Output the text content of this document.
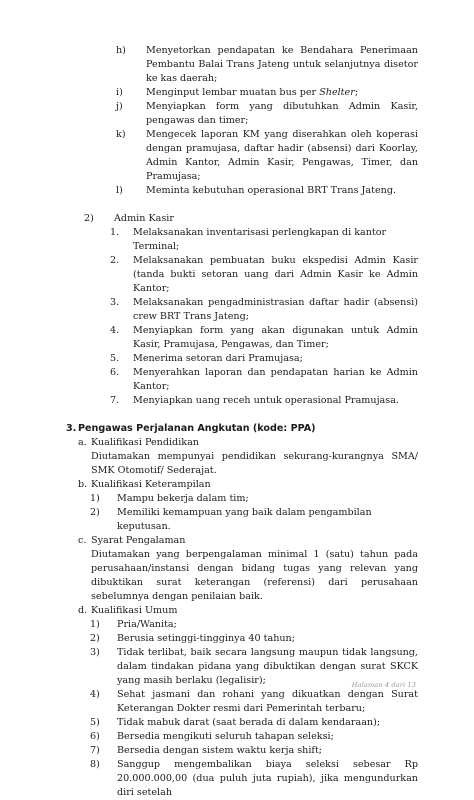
h)	Menyetorkan pendapatan ke Bendahara Penerimaan Pembantu Balai Trans Jateng untuk selanjutnya disetor ke kas daerah;
i)	Menginput lembar muatan bus per Shelter;
j)	Menyiapkan form yang dibutuhkan Admin Kasir, pengawas dan timer;
k)	Mengecek laporan KM yang diserahkan oleh koperasi dengan pramujasa, daftar hadir (absensi) dari Koorlay, Admin Kantor, Admin Kasir, Pengawas, Timer, dan Pramujasa;
l)	Meminta kebutuhan operasional BRT Trans Jateng.
2)	Admin Kasir
1.	Melaksanakan inventarisasi perlengkapan di kantor Terminal;
2.	Melaksanakan pembuatan buku ekspedisi Admin Kasir (tanda bukti setoran uang dari Admin Kasir ke Admin Kantor;
3.	Melaksanakan pengadministrasian daftar hadir (absensi) crew BRT Trans Jateng;
4.	Menyiapkan form yang akan digunakan untuk Admin Kasir, Pramujasa, Pengawas, dan Timer;
5.	Menerima setoran dari Pramujasa;
6.	Menyerahkan laporan dan pendapatan harian ke Admin Kantor;
7.	Menyiapkan uang receh untuk operasional Pramujasa.
3. Pengawas Perjalanan Angkutan (kode: PPA)
a. Kualifikasi Pendidikan
Diutamakan mempunyai pendidikan sekurang-kurangnya SMA/ SMK Otomotif/ Sederajat.
b. Kualifikasi Keterampilan
1)	Mampu bekerja dalam tim;
2)	Memiliki kemampuan yang baik dalam pengambilan keputusan.
c. Syarat Pengalaman
Diutamakan yang berpengalaman minimal 1 (satu) tahun pada perusahaan/instansi dengan bidang tugas yang relevan yang dibuktikan surat keterangan (referensi) dari perusahaan sebelumnya dengan penilaian baik.
d. Kualifikasi Umum
1)	Pria/Wanita;
2)	Berusia setinggi-tingginya 40 tahun;
3)	Tidak terlibat, baik secara langsung maupun tidak langsung, dalam tindakan pidana yang dibuktikan dengan surat SKCK yang masih berlaku (legalisir);
4)	Sehat jasmani dan rohani yang dikuatkan dengan Surat Keterangan Dokter resmi dari Pemerintah terbaru;
5)	Tidak mabuk darat (saat berada di dalam kendaraan);
6)	Bersedia mengikuti seluruh tahapan seleksi;
7)	Bersedia dengan sistem waktu kerja shift;
8)	Sanggup mengembalikan biaya seleksi sebesar Rp 20.000.000,00 (dua puluh juta rupiah), jika mengundurkan diri setelah
Halaman 4 dari 13
